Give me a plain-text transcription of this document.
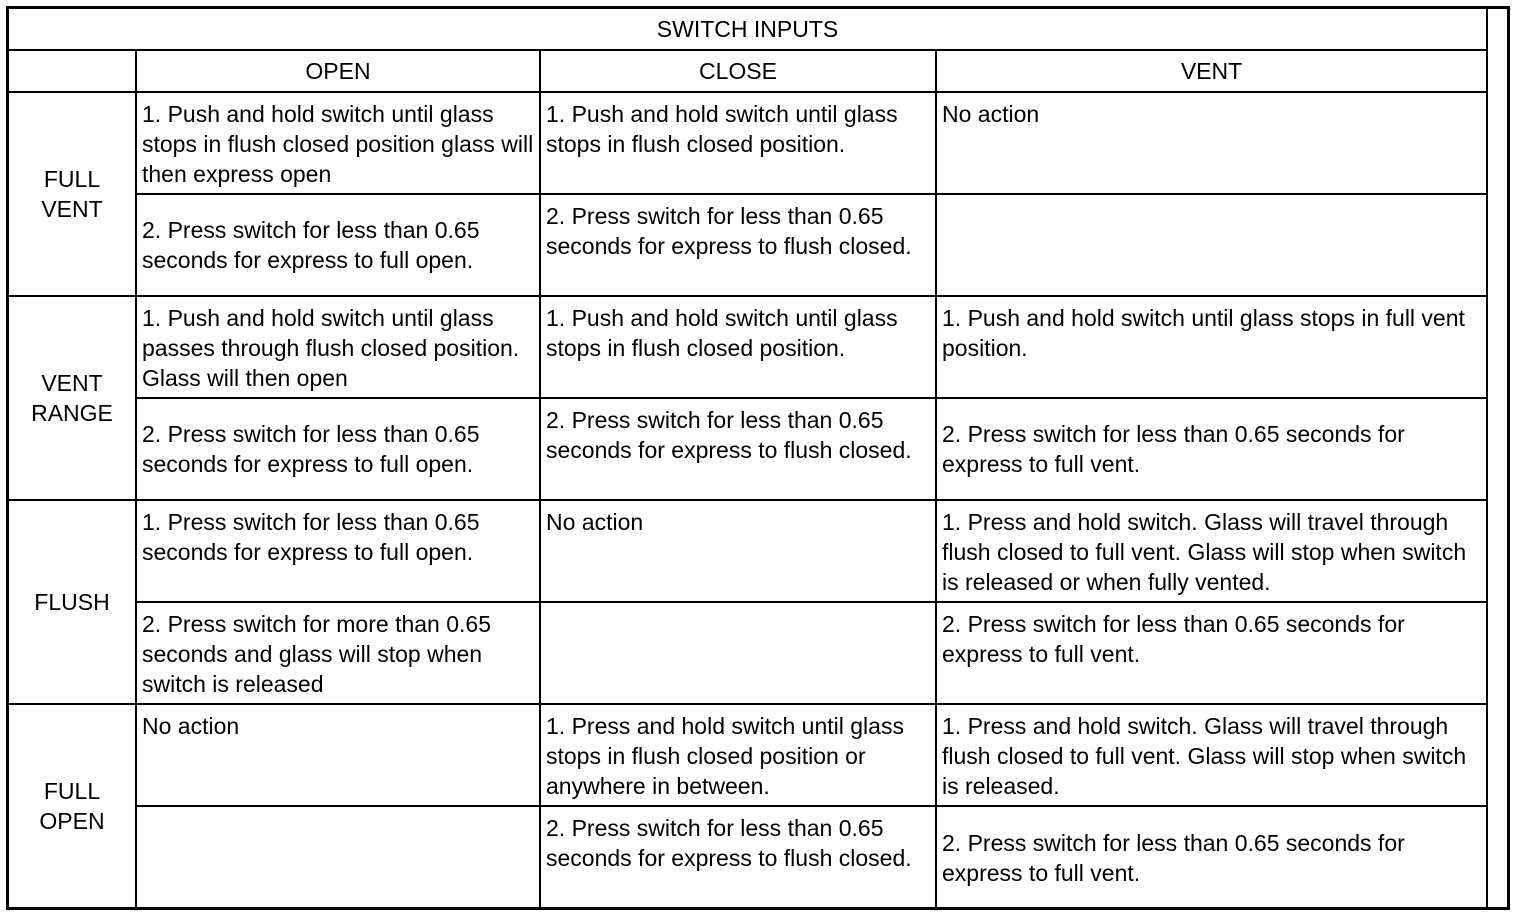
SWITCH INPUTS			
	OPEN	CLOSE	VENT

FULL
VENT	1. Push and hold switch until glass stops in flush closed position glass will then express open	1. Push and hold switch until glass stops in flush closed position.	No action
	2. Press switch for less than 0.65 seconds for express to full open.	2. Press switch for less than 0.65 seconds for express to flush closed.	

VENT
RANGE	1. Push and hold switch until glass passes through flush closed position. Glass will then open	1. Push and hold switch until glass stops in flush closed position.	1. Push and hold switch until glass stops in full vent position.
	2. Press switch for less than 0.65 seconds for express to full open.	2. Press switch for less than 0.65 seconds for express to flush closed.	2. Press switch for less than 0.65 seconds for express to full vent.

FLUSH	1. Press switch for less than 0.65 seconds for express to full open.	No action	1. Press and hold switch. Glass will travel through flush closed to full vent. Glass will stop when switch is released or when fully vented.
	2. Press switch for more than 0.65 seconds and glass will stop when switch is released		2. Press switch for less than 0.65 seconds for express to full vent.

FULL
OPEN	No action	1. Press and hold switch until glass stops in flush closed position or anywhere in between.	1. Press and hold switch. Glass will travel through flush closed to full vent. Glass will stop when switch is released.
		2. Press switch for less than 0.65 seconds for express to flush closed.	2. Press switch for less than 0.65 seconds for express to full vent.
